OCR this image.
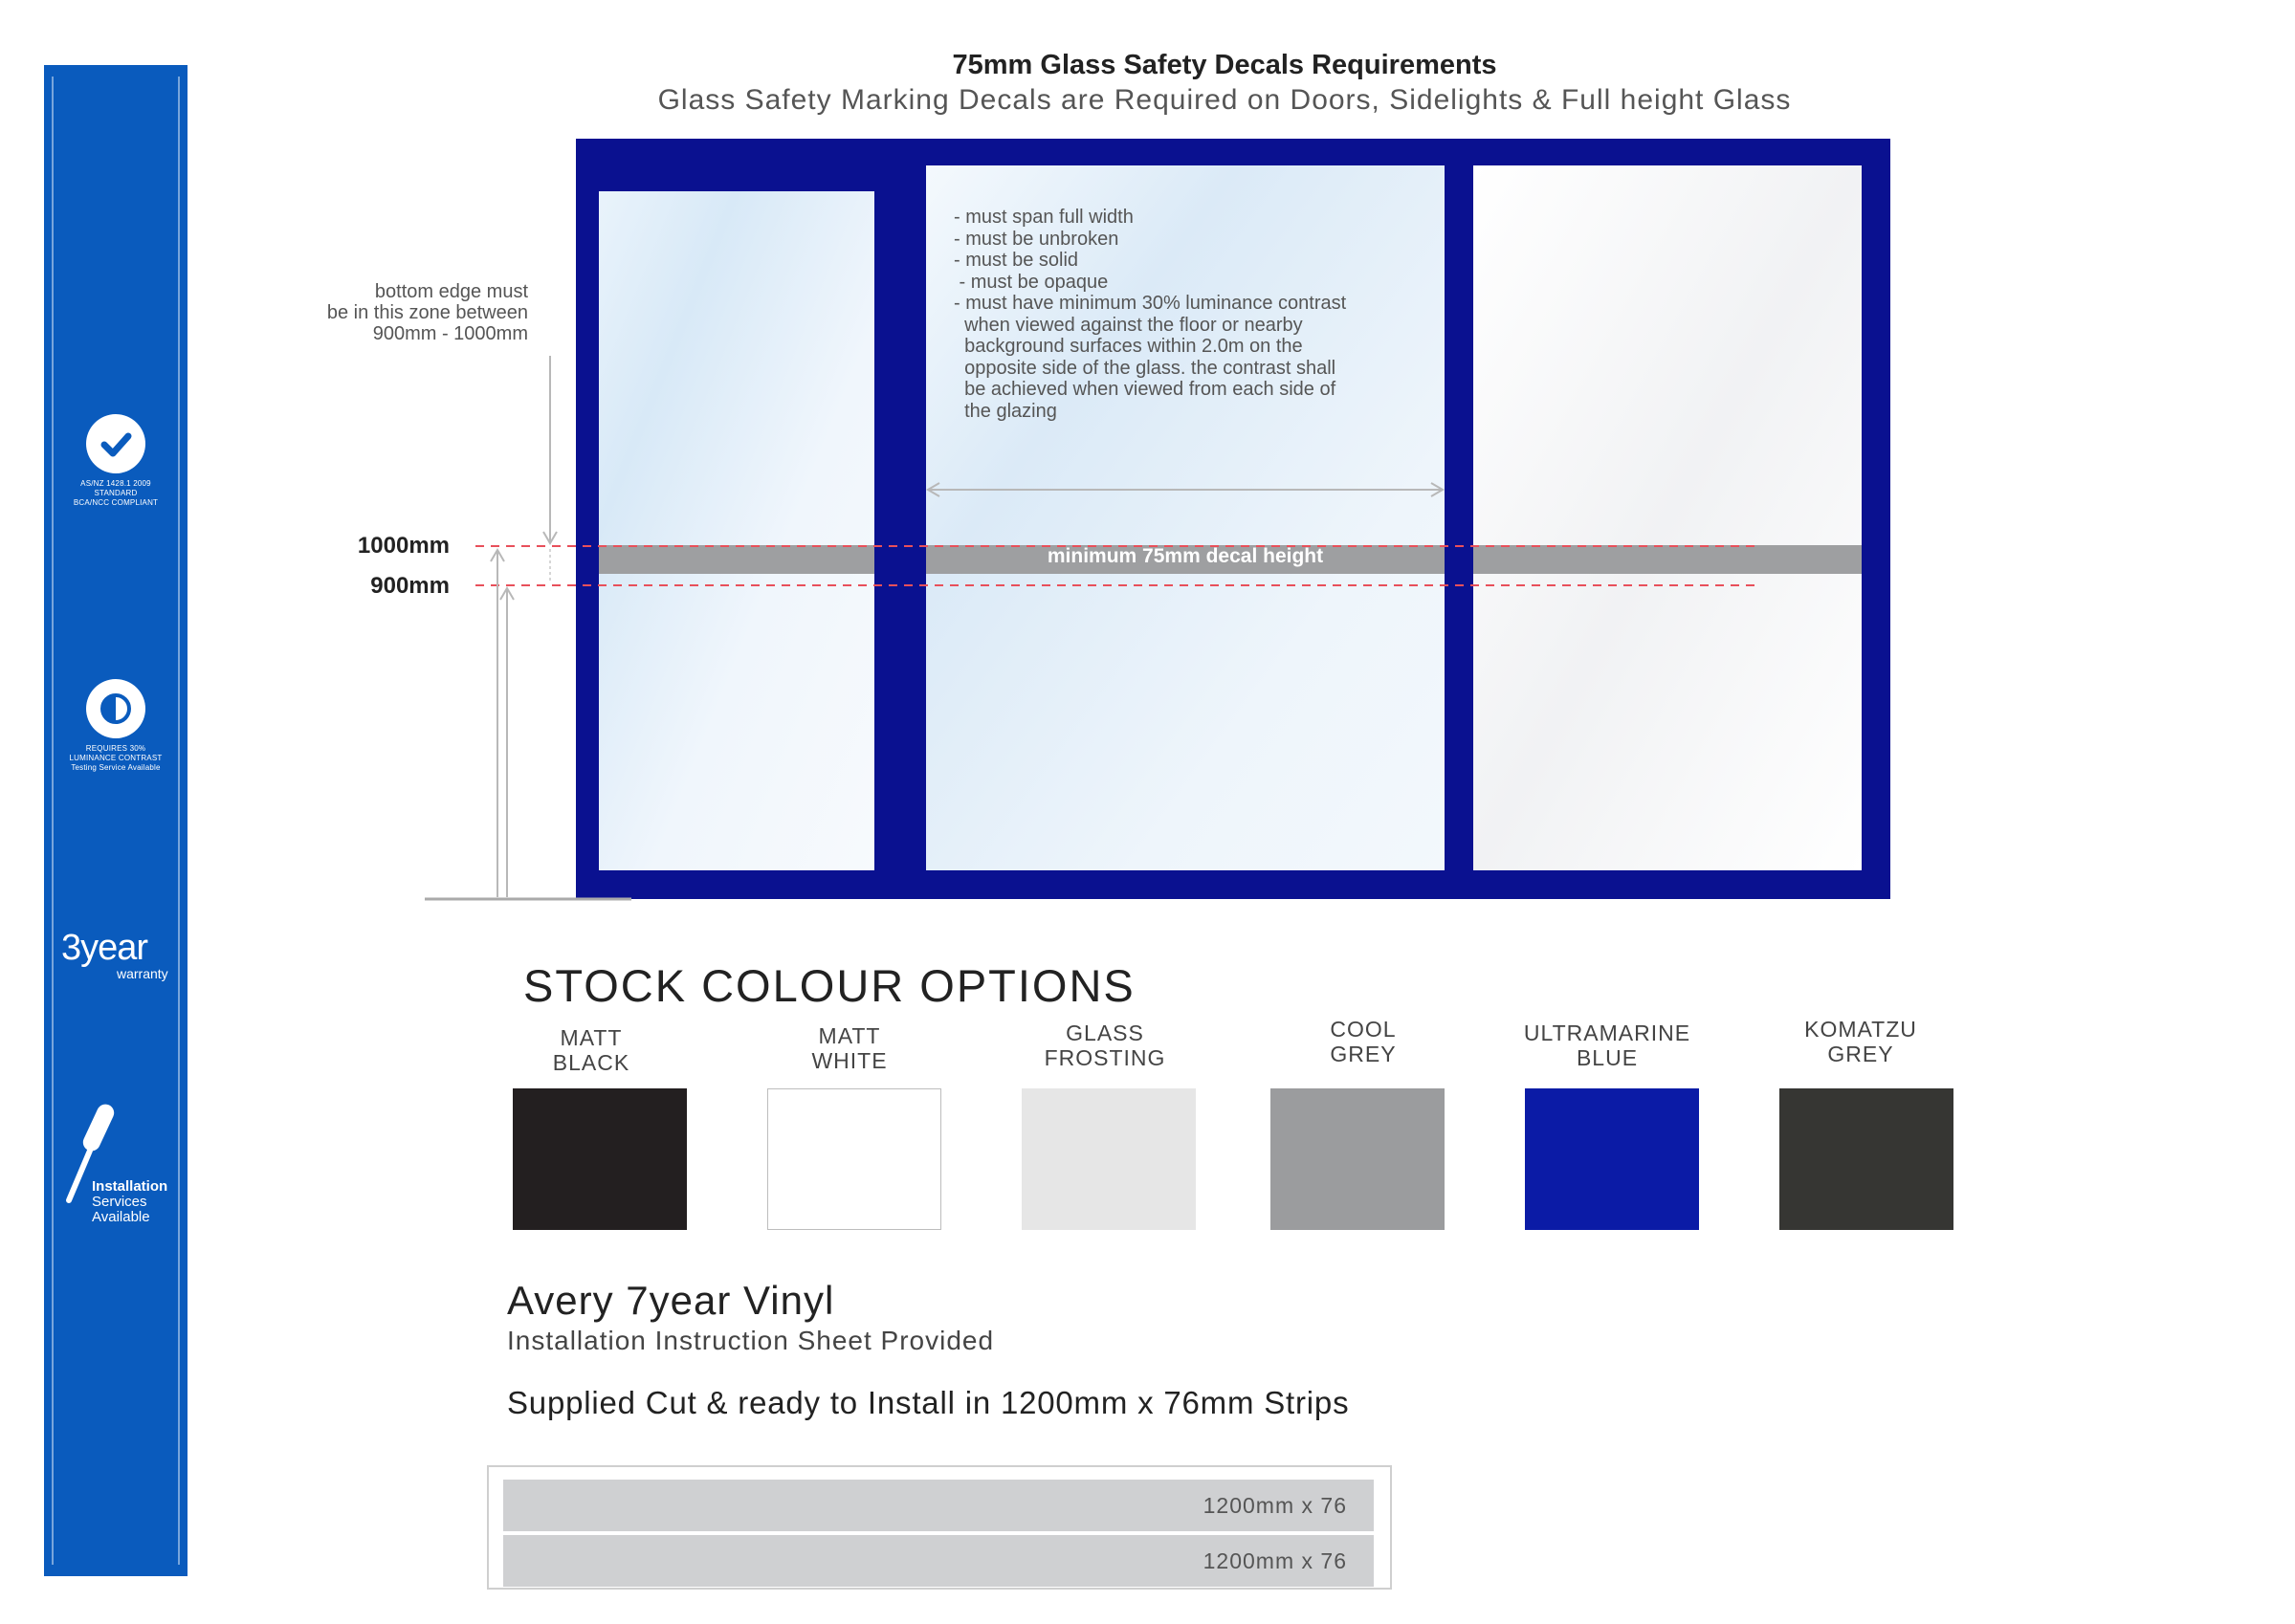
AS/NZ 1428.1 2009
STANDARD
BCA/NCC COMPLIANT
REQUIRES 30%
LUMINANCE CONTRAST
Testing Service Available
3year
warranty
Installation
Services
Available
75mm Glass Safety Decals Requirements
Glass Safety Marking Decals are Required on Doors, Sidelights & Full height Glass
bottom edge must
be in this zone between
900mm - 1000mm
1000mm
900mm
- must span full width
- must be unbroken
- must be solid
- must be opaque
- must have minimum 30% luminance contrast
when viewed against the floor or nearby
background surfaces within 2.0m on the
opposite side of the glass. the contrast shall
be achieved when viewed from each side of
the glazing
minimum 75mm decal height
STOCK COLOUR OPTIONS
MATT
BLACK
MATT
WHITE
GLASS
FROSTING
COOL
GREY
ULTRAMARINE
BLUE
KOMATZU
GREY
Avery 7year Vinyl
Installation Instruction Sheet Provided
Supplied Cut & ready to Install in 1200mm x 76mm Strips
1200mm x 76
1200mm x 76
